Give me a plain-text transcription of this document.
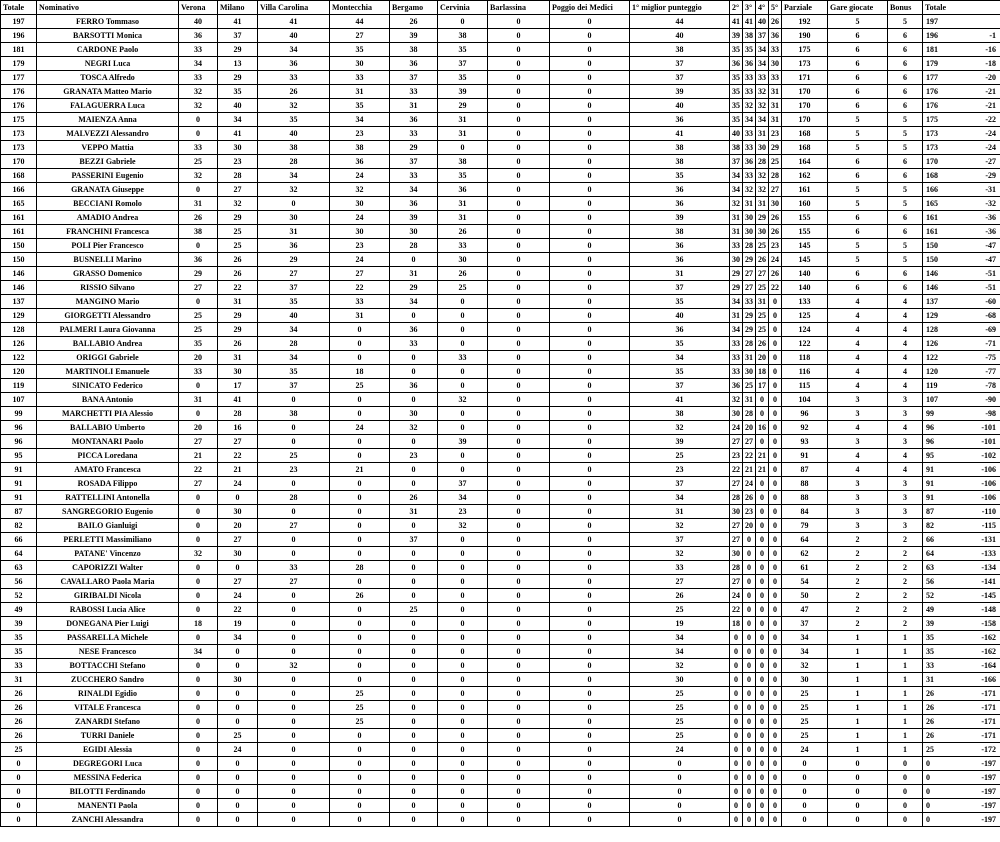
Totale	Nominativo	Verona	Milano	Villa Carolina	Montecchia	Bergamo	Cervinia	Barlassina	Poggio dei Medici	1° miglior punteggio	2°	3°	4°	5°	Parziale	Gare giocate	Bonus	Totale
197	FERRO Tommaso	40	41	41	44	26	0	0	0	44	41	41	40	26	192	5	5	197

196	BARSOTTI Monica	36	37	40	27	39	38	0	0	40	39	38	37	36	190	6	6	196 -1

181	CARDONE Paolo	33	29	34	35	38	35	0	0	38	35	35	34	33	175	6	6	181 -16

179	NEGRI Luca	34	13	36	30	36	37	0	0	37	36	36	34	30	173	6	6	179 -18

177	TOSCA Alfredo	33	29	33	33	37	35	0	0	37	35	33	33	33	171	6	6	177 -20

176	GRANATA Matteo Mario	32	35	26	31	33	39	0	0	39	35	33	32	31	170	6	6	176 -21

176	FALAGUERRA Luca	32	40	32	35	31	29	0	0	40	35	32	32	31	170	6	6	176 -21

175	MAIENZA Anna	0	34	35	34	36	31	0	0	36	35	34	34	31	170	5	5	175 -22

173	MALVEZZI Alessandro	0	41	40	23	33	31	0	0	41	40	33	31	23	168	5	5	173 -24

173	VEPPO Mattia	33	30	38	38	29	0	0	0	38	38	33	30	29	168	5	5	173 -24

170	BEZZI Gabriele	25	23	28	36	37	38	0	0	38	37	36	28	25	164	6	6	170 -27

168	PASSERINI Eugenio	32	28	34	24	33	35	0	0	35	34	33	32	28	162	6	6	168 -29

166	GRANATA Giuseppe	0	27	32	32	34	36	0	0	36	34	32	32	27	161	5	5	166 -31

165	BECCIANI Romolo	31	32	0	30	36	31	0	0	36	32	31	31	30	160	5	5	165 -32

161	AMADIO Andrea	26	29	30	24	39	31	0	0	39	31	30	29	26	155	6	6	161 -36

161	FRANCHINI Francesca	38	25	31	30	30	26	0	0	38	31	30	30	26	155	6	6	161 -36

150	POLI Pier Francesco	0	25	36	23	28	33	0	0	36	33	28	25	23	145	5	5	150 -47

150	BUSNELLI Marino	36	26	29	24	0	30	0	0	36	30	29	26	24	145	5	5	150 -47

146	GRASSO Domenico	29	26	27	27	31	26	0	0	31	29	27	27	26	140	6	6	146 -51

146	RISSIO Silvano	27	22	37	22	29	25	0	0	37	29	27	25	22	140	6	6	146 -51

137	MANGINO Mario	0	31	35	33	34	0	0	0	35	34	33	31	0	133	4	4	137 -60

129	GIORGETTI Alessandro	25	29	40	31	0	0	0	0	40	31	29	25	0	125	4	4	129 -68

128	PALMERI Laura Giovanna	25	29	34	0	36	0	0	0	36	34	29	25	0	124	4	4	128 -69

126	BALLABIO Andrea	35	26	28	0	33	0	0	0	35	33	28	26	0	122	4	4	126 -71

122	ORIGGI Gabriele	20	31	34	0	0	33	0	0	34	33	31	20	0	118	4	4	122 -75

120	MARTINOLI Emanuele	33	30	35	18	0	0	0	0	35	33	30	18	0	116	4	4	120 -77

119	SINICATO Federico	0	17	37	25	36	0	0	0	37	36	25	17	0	115	4	4	119 -78

107	BANA Antonio	31	41	0	0	0	32	0	0	41	32	31	0	0	104	3	3	107 -90

99	MARCHETTI PIA Alessio	0	28	38	0	30	0	0	0	38	30	28	0	0	96	3	3	99 -98

96	BALLABIO Umberto	20	16	0	24	32	0	0	0	32	24	20	16	0	92	4	4	96 -101

96	MONTANARI Paolo	27	27	0	0	0	39	0	0	39	27	27	0	0	93	3	3	96 -101

95	PICCA Loredana	21	22	25	0	23	0	0	0	25	23	22	21	0	91	4	4	95 -102

91	AMATO Francesca	22	21	23	21	0	0	0	0	23	22	21	21	0	87	4	4	91 -106

91	ROSADA Filippo	27	24	0	0	0	37	0	0	37	27	24	0	0	88	3	3	91 -106

91	RATTELLINI Antonella	0	0	28	0	26	34	0	0	34	28	26	0	0	88	3	3	91 -106

87	SANGREGORIO Eugenio	0	30	0	0	31	23	0	0	31	30	23	0	0	84	3	3	87 -110

82	BAILO Gianluigi	0	20	27	0	0	32	0	0	32	27	20	0	0	79	3	3	82 -115

66	PERLETTI Massimiliano	0	27	0	0	37	0	0	0	37	27	0	0	0	64	2	2	66 -131

64	PATANE' Vincenzo	32	30	0	0	0	0	0	0	32	30	0	0	0	62	2	2	64 -133

63	CAPORIZZI Walter	0	0	33	28	0	0	0	0	33	28	0	0	0	61	2	2	63 -134

56	CAVALLARO Paola Maria	0	27	27	0	0	0	0	0	27	27	0	0	0	54	2	2	56 -141

52	GIRIBALDI Nicola	0	24	0	26	0	0	0	0	26	24	0	0	0	50	2	2	52 -145

49	RABOSSI Lucia Alice	0	22	0	0	25	0	0	0	25	22	0	0	0	47	2	2	49 -148

39	DONEGANA Pier Luigi	18	19	0	0	0	0	0	0	19	18	0	0	0	37	2	2	39 -158

35	PASSARELLA Michele	0	34	0	0	0	0	0	0	34	0	0	0	0	34	1	1	35 -162

35	NESE Francesco	34	0	0	0	0	0	0	0	34	0	0	0	0	34	1	1	35 -162

33	BOTTACCHI Stefano	0	0	32	0	0	0	0	0	32	0	0	0	0	32	1	1	33 -164

31	ZUCCHERO Sandro	0	30	0	0	0	0	0	0	30	0	0	0	0	30	1	1	31 -166

26	RINALDI Egidio	0	0	0	25	0	0	0	0	25	0	0	0	0	25	1	1	26 -171

26	VITALE Francesca	0	0	0	25	0	0	0	0	25	0	0	0	0	25	1	1	26 -171

26	ZANARDI Stefano	0	0	0	25	0	0	0	0	25	0	0	0	0	25	1	1	26 -171

26	TURRI Daniele	0	25	0	0	0	0	0	0	25	0	0	0	0	25	1	1	26 -171

25	EGIDI Alessia	0	24	0	0	0	0	0	0	24	0	0	0	0	24	1	1	25 -172

0	DEGREGORI Luca	0	0	0	0	0	0	0	0	0	0	0	0	0	0	0	0	0 -197

0	MESSINA Federica	0	0	0	0	0	0	0	0	0	0	0	0	0	0	0	0	0 -197

0	BILOTTI Ferdinando	0	0	0	0	0	0	0	0	0	0	0	0	0	0	0	0	0 -197

0	MANENTI Paola	0	0	0	0	0	0	0	0	0	0	0	0	0	0	0	0	0 -197

0	ZANCHI Alessandra	0	0	0	0	0	0	0	0	0	0	0	0	0	0	0	0	0 -197
